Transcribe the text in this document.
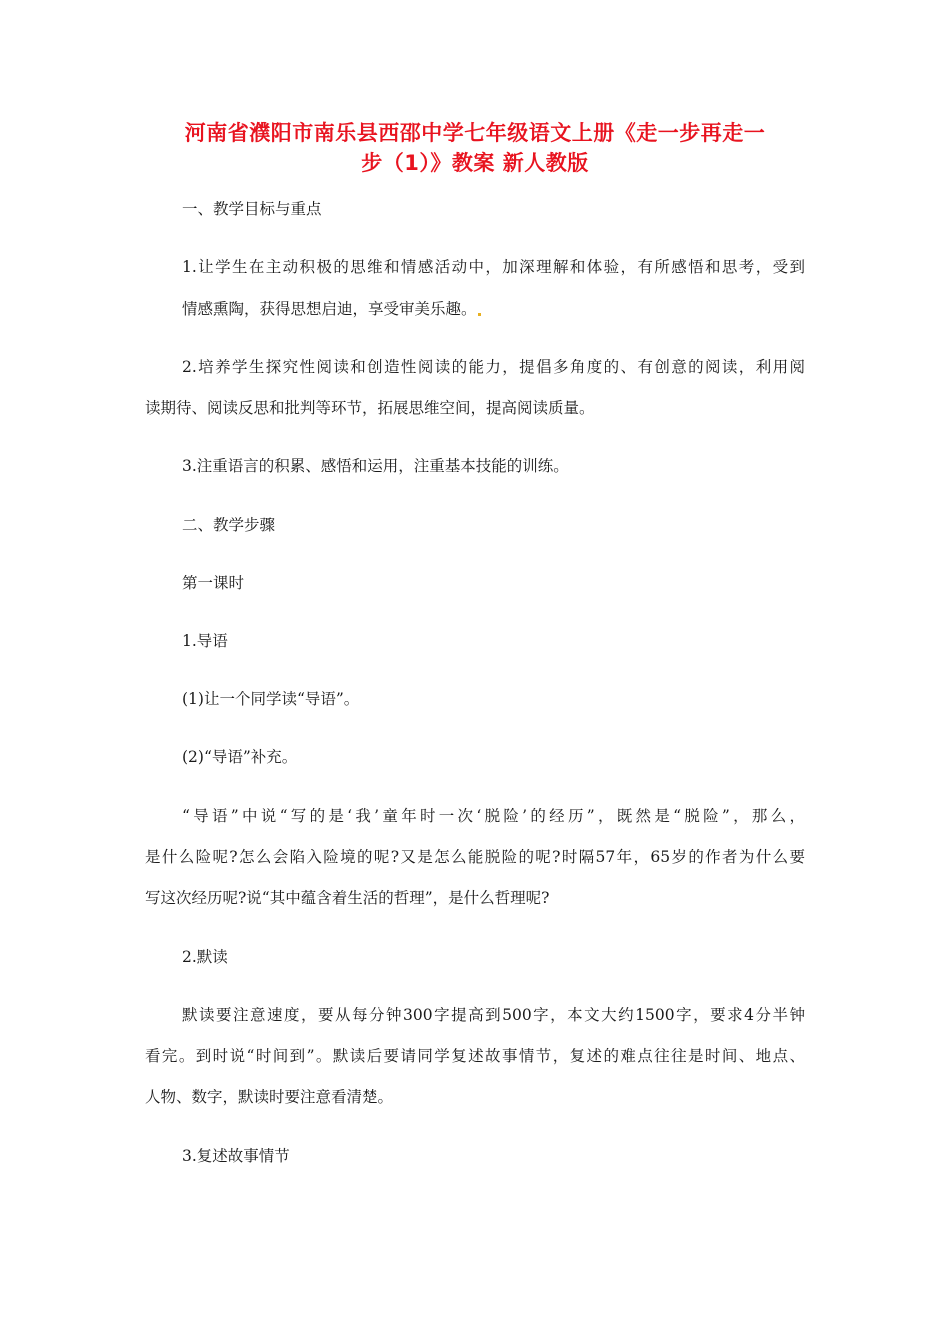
河南省濮阳市南乐县西邵中学七年级语文上册《走一步再走一
步（1）》教案 新人教版
一、教学目标与重点
1.让学生在主动积极的思维和情感活动中，加深理解和体验，有所感悟和思考，受到
情感熏陶，获得思想启迪，享受审美乐趣。
2.培养学生探究性阅读和创造性阅读的能力，提倡多角度的、有创意的阅读，利用阅
读期待、阅读反思和批判等环节，拓展思维空间，提高阅读质量。
3.注重语言的积累、感悟和运用，注重基本技能的训练。
二、教学步骤
第一课时
1.导语
(1)让一个同学读“导语”。
(2)“导语”补充。
“导语”中说“写的是‘我’童年时一次‘脱险’的经历”，既然是“脱险”，那么，
是什么险呢?怎么会陷入险境的呢?又是怎么能脱险的呢?时隔57年，65岁的作者为什么要
写这次经历呢?说“其中蕴含着生活的哲理”，是什么哲理呢?
2.默读
默读要注意速度，要从每分钟300字提高到500字，本文大约1500字，要求4分半钟
看完。到时说“时间到”。默读后要请同学复述故事情节，复述的难点往往是时间、地点、
人物、数字，默读时要注意看清楚。
3.复述故事情节
